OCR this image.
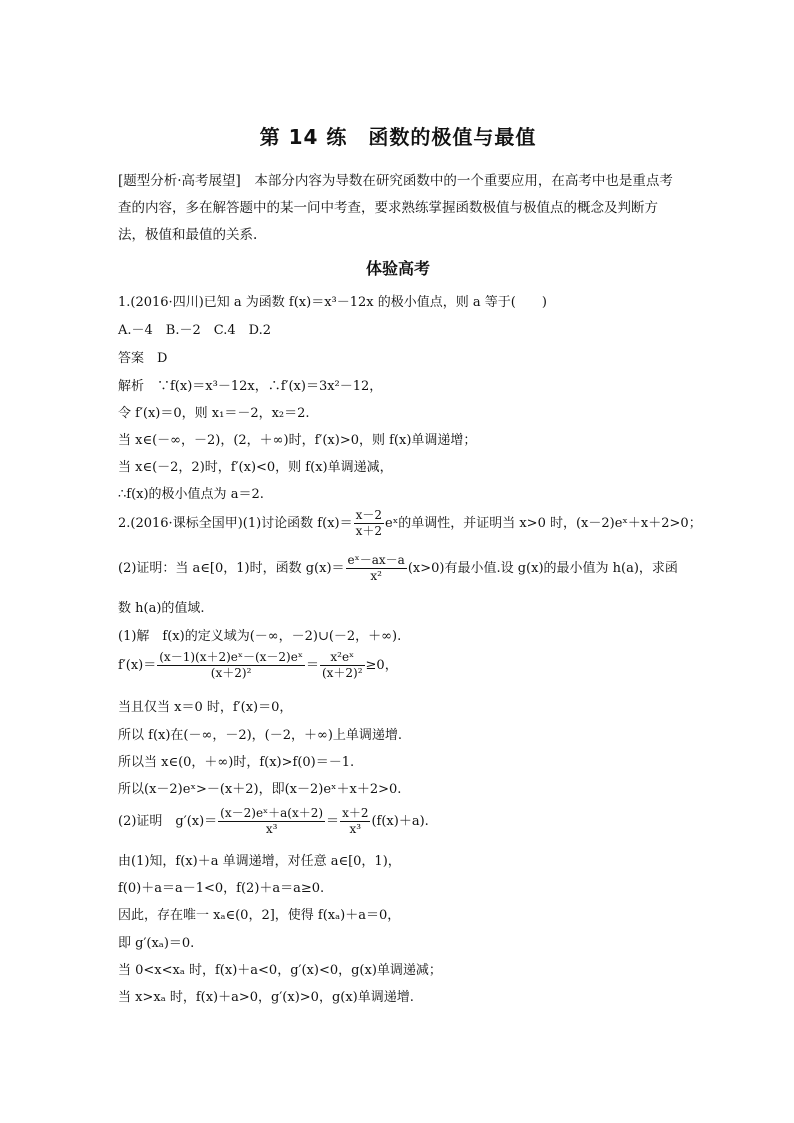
第 14 练　函数的极值与最值
[题型分析·高考展望]　本部分内容为导数在研究函数中的一个重要应用，在高考中也是重点考查的内容，多在解答题中的某一问中考查，要求熟练掌握函数极值与极值点的概念及判断方法，极值和最值的关系.
体验高考
1.(2016·四川)已知 a 为函数 f(x)＝x³－12x 的极小值点，则 a 等于(　　)
A.－4　B.－2　C.4　D.2
答案　D
解析　∵f(x)＝x³－12x，∴f′(x)＝3x²－12，
令 f′(x)＝0，则 x₁＝－2，x₂＝2.
当 x∈(－∞，－2)，(2，＋∞)时，f′(x)>0，则 f(x)单调递增；
当 x∈(－2，2)时，f′(x)<0，则 f(x)单调递减，
∴f(x)的极小值点为 a＝2.
2.(2016·课标全国甲)(1)讨论函数 $f(x)= \frac{x-2}{x+2}$ eˣ的单调性，并证明当 x>0 时，(x－2)eˣ＋x＋2>0；
(2)证明：当 a∈[0，1)时，函数 $g(x)= \frac{\text{eˣ－ax－a}}{\text{x²}} (x>0)$有最小值.设 g(x)的最小值为 h(a)，求函
数 h(a)的值域.
(1)解　f(x)的定义域为(－∞，－2)∪(－2，＋∞).
$f'(x)= \frac{\text{(x－1)(x＋2)eˣ－(x－2)eˣ}}{\text{(x＋2)²}} = \frac{\text{x²eˣ}}{\text{(x＋2)²}} \ge 0$，
当且仅当 x＝0 时，f′(x)＝0，
所以 f(x)在(－∞，－2)，(－2，＋∞)上单调递增.
所以当 x∈(0，＋∞)时，f(x)>f(0)＝－1.
所以(x－2)eˣ>－(x＋2)，即(x－2)eˣ＋x＋2>0.
(2)证明　$g'(x)= \frac{\text{(x－2)eˣ＋a(x＋2)}}{\text{x³}} = \frac{x+2}{\text{x³}} (f(x)+a)$.
由(1)知，f(x)＋a 单调递增，对任意 a∈[0，1)，
f(0)＋a＝a－1<0，f(2)＋a＝a≥0.
因此，存在唯一 xₐ∈(0，2]，使得 f(xₐ)＋a＝0，
即 g′(xₐ)＝0.
当 0<x<xₐ 时，f(x)＋a<0，g′(x)<0，g(x)单调递减；
当 x>xₐ 时，f(x)＋a>0，g′(x)>0，g(x)单调递增.
